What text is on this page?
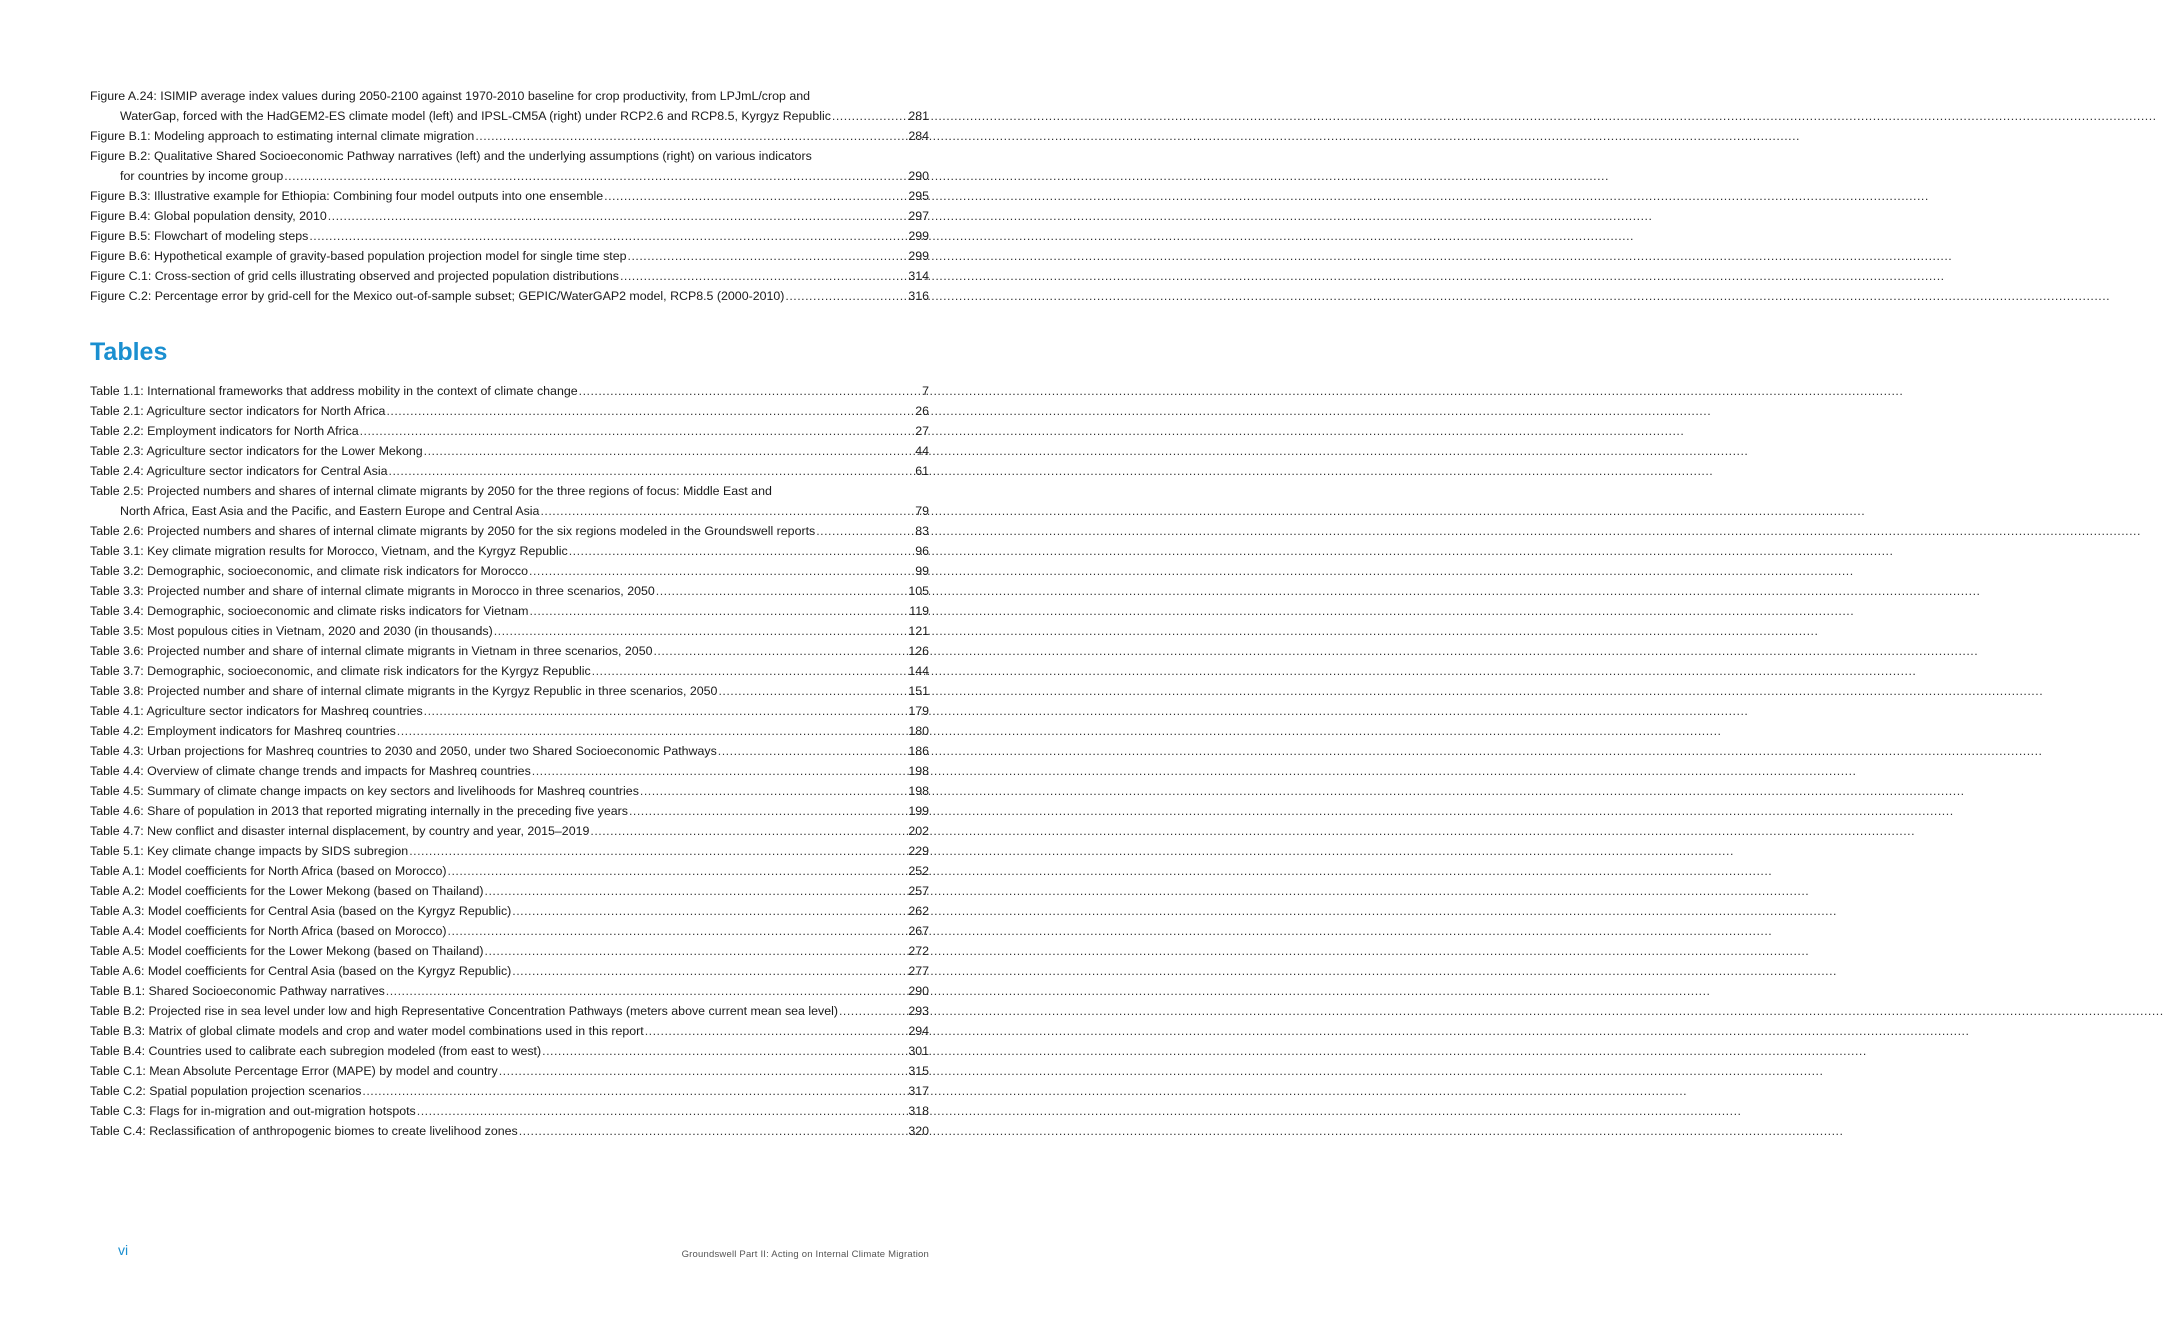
Figure A.24: ISIMIP average index values during 2050-2100 against 1970-2010 baseline for crop productivity, from LPJmL/crop and
WaterGap, forced with the HadGEM2-ES climate model (left) and IPSL-CM5A (right) under RCP2.6 and RCP8.5, Kyrgyz Republic .....	281
Figure B.1: Modeling approach to estimating internal climate migration .....	284
Figure B.2: Qualitative Shared Socioeconomic Pathway narratives (left) and the underlying assumptions (right) on various indicators
for countries by income group .....	290
Figure B.3: Illustrative example for Ethiopia: Combining four model outputs into one ensemble .....	295
Figure B.4: Global population density, 2010 .....	297
Figure B.5: Flowchart of modeling steps .....	299
Figure B.6: Hypothetical example of gravity-based population projection model for single time step .....	299
Figure C.1: Cross-section of grid cells illustrating observed and projected population distributions .....	314
Figure C.2: Percentage error by grid-cell for the Mexico out-of-sample subset; GEPIC/WaterGAP2 model, RCP8.5 (2000-2010) .....	316
Tables
Table 1.1: International frameworks that address mobility in the context of climate change .....	7
Table 2.1: Agriculture sector indicators for North Africa .....	26
Table 2.2: Employment indicators for North Africa .....	27
Table 2.3: Agriculture sector indicators for the Lower Mekong .....	44
Table 2.4: Agriculture sector indicators for Central Asia .....	61
Table 2.5: Projected numbers and shares of internal climate migrants by 2050 for the three regions of focus: Middle East and
North Africa, East Asia and the Pacific, and Eastern Europe and Central Asia .....	79
Table 2.6: Projected numbers and shares of internal climate migrants by 2050 for the six regions modeled in the Groundswell reports .....	83
Table 3.1: Key climate migration results for Morocco, Vietnam, and the Kyrgyz Republic .....	96
Table 3.2: Demographic, socioeconomic, and climate risk indicators for Morocco .....	99
Table 3.3: Projected number and share of internal climate migrants in Morocco in three scenarios, 2050 .....	105
Table 3.4: Demographic, socioeconomic and climate risks indicators for Vietnam .....	119
Table 3.5: Most populous cities in Vietnam, 2020 and 2030 (in thousands) .....	121
Table 3.6: Projected number and share of internal climate migrants in Vietnam in three scenarios, 2050 .....	126
Table 3.7: Demographic, socioeconomic, and climate risk indicators for the Kyrgyz Republic .....	144
Table 3.8: Projected number and share of internal climate migrants in the Kyrgyz Republic in three scenarios, 2050 .....	151
Table 4.1: Agriculture sector indicators for Mashreq countries .....	179
Table 4.2: Employment indicators for Mashreq countries .....	180
Table 4.3: Urban projections for Mashreq countries to 2030 and 2050, under two Shared Socioeconomic Pathways .....	186
Table 4.4: Overview of climate change trends and impacts for Mashreq countries .....	198
Table 4.5: Summary of climate change impacts on key sectors and livelihoods for Mashreq countries .....	198
Table 4.6: Share of population in 2013 that reported migrating internally in the preceding five years .....	199
Table 4.7: New conflict and disaster internal displacement, by country and year, 2015–2019 .....	202
Table 5.1: Key climate change impacts by SIDS subregion .....	229
Table A.1: Model coefficients for North Africa (based on Morocco) .....	252
Table A.2: Model coefficients for the Lower Mekong (based on Thailand) .....	257
Table A.3: Model coefficients for Central Asia (based on the Kyrgyz Republic) .....	262
Table A.4: Model coefficients for North Africa (based on Morocco) .....	267
Table A.5: Model coefficients for the Lower Mekong (based on Thailand) .....	272
Table A.6: Model coefficients for Central Asia (based on the Kyrgyz Republic) .....	277
Table B.1: Shared Socioeconomic Pathway narratives .....	290
Table B.2: Projected rise in sea level under low and high Representative Concentration Pathways (meters above current mean sea level) .....	293
Table B.3: Matrix of global climate models and crop and water model combinations used in this report .....	294
Table B.4: Countries used to calibrate each subregion modeled (from east to west) .....	301
Table C.1: Mean Absolute Percentage Error (MAPE) by model and country .....	315
Table C.2: Spatial population projection scenarios .....	317
Table C.3: Flags for in-migration and out-migration hotspots .....	318
Table C.4: Reclassification of anthropogenic biomes to create livelihood zones .....	320
vi	Groundswell Part II: Acting on Internal Climate Migration
